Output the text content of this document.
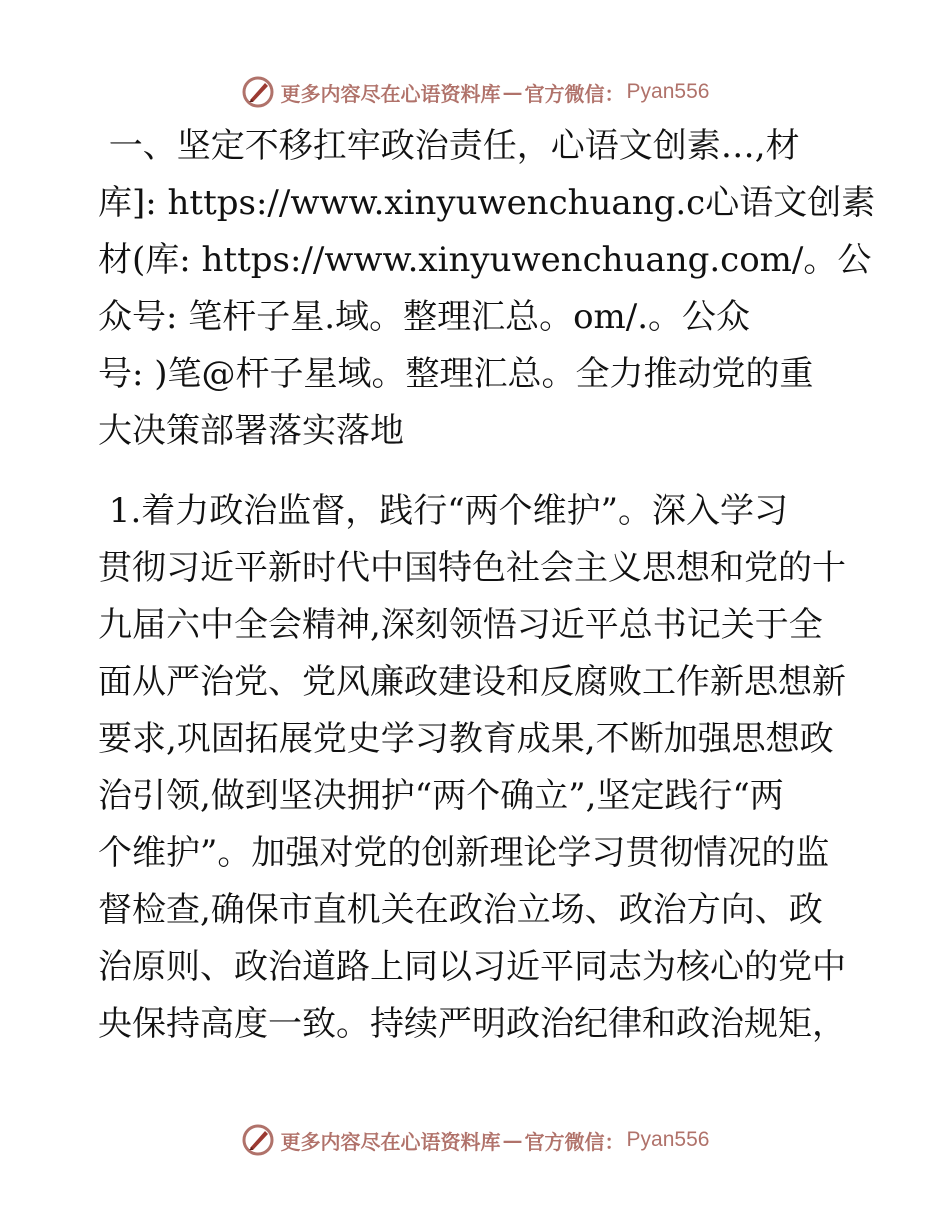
更多内容尽在心语资料库 — 官方微信： Pyan556

一、坚定不移扛牢政治责任，心语文创素…,材
库]: https://www.xinyuwenchuang.c心语文创素
材(库: https://www.xinyuwenchuang.com/。公
众号: 笔杆子星.域。整理汇总。om/.。公众
号: )笔@杆子星域。整理汇总。全力推动党的重
大决策部署落实落地

1.着力政治监督，践行“两个维护”。深入学习
贯彻习近平新时代中国特色社会主义思想和党的十
九届六中全会精神,深刻领悟习近平总书记关于全
面从严治党、党风廉政建设和反腐败工作新思想新
要求,巩固拓展党史学习教育成果,不断加强思想政
治引领,做到坚决拥护“两个确立”,坚定践行“两
个维护”。加强对党的创新理论学习贯彻情况的监
督检查,确保市直机关在政治立场、政治方向、政
治原则、政治道路上同以习近平同志为核心的党中
央保持高度一致。持续严明政治纪律和政治规矩，

更多内容尽在心语资料库 — 官方微信： Pyan556
